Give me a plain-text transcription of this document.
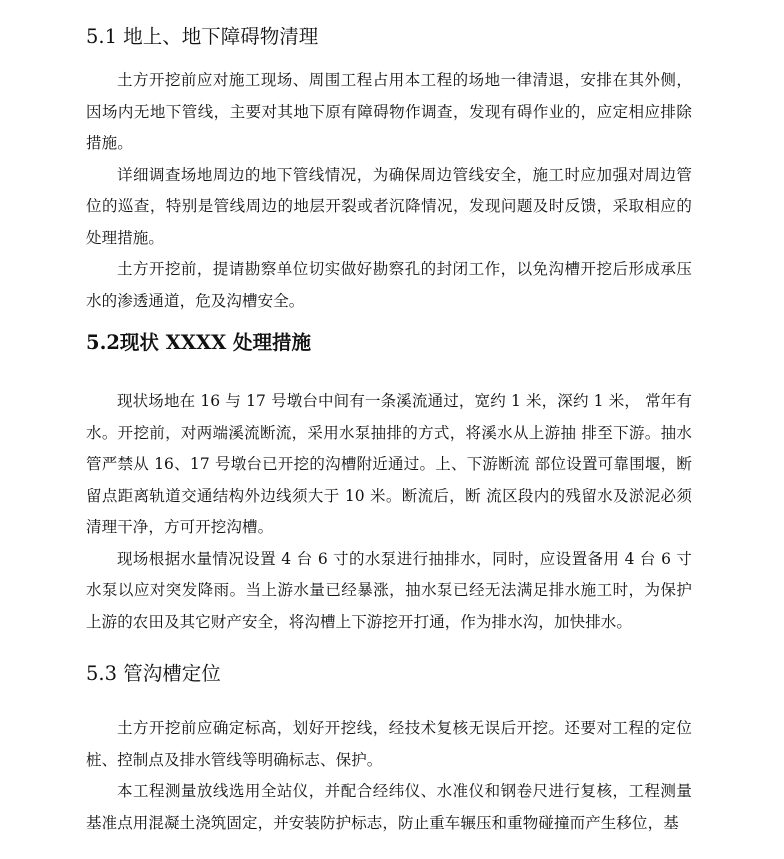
5.1 地上、地下障碍物清理

土方开挖前应对施工现场、周围工程占用本工程的场地一律清退，安排在其外侧，因场内无地下管线，主要对其地下原有障碍物作调查，发现有碍作业的，应定相应排除措施。

详细调查场地周边的地下管线情况，为确保周边管线安全，施工时应加强对周边管位的巡查，特别是管线周边的地层开裂或者沉降情况，发现问题及时反馈，采取相应的处理措施。

土方开挖前，提请勘察单位切实做好勘察孔的封闭工作，以免沟槽开挖后形成承压水的渗透通道，危及沟槽安全。

5.2现状 XXXX 处理措施

现状场地在 16 与 17 号墩台中间有一条溪流通过，宽约 1 米，深约 1 米， 常年有水。开挖前，对两端溪流断流，采用水泵抽排的方式，将溪水从上游抽 排至下游。抽水管严禁从 16、17 号墩台已开挖的沟槽附近通过。上、下游断流 部位设置可靠围堰，断留点距离轨道交通结构外边线须大于 10 米。断流后，断 流区段内的残留水及淤泥必须清理干净，方可开挖沟槽。

现场根据水量情况设置 4 台 6 寸的水泵进行抽排水，同时，应设置备用 4 台 6 寸水泵以应对突发降雨。当上游水量已经暴涨，抽水泵已经无法满足排水施工时，为保护上游的农田及其它财产安全，将沟槽上下游挖开打通，作为排水沟，加快排水。

5.3 管沟槽定位

土方开挖前应确定标高，划好开挖线，经技术复核无误后开挖。还要对工程的定位桩、控制点及排水管线等明确标志、保护。

本工程测量放线选用全站仪，并配合经纬仪、水准仪和钢卷尺进行复核，工程测量基准点用混凝土浇筑固定，并安装防护标志，防止重车辗压和重物碰撞而产生移位，基
